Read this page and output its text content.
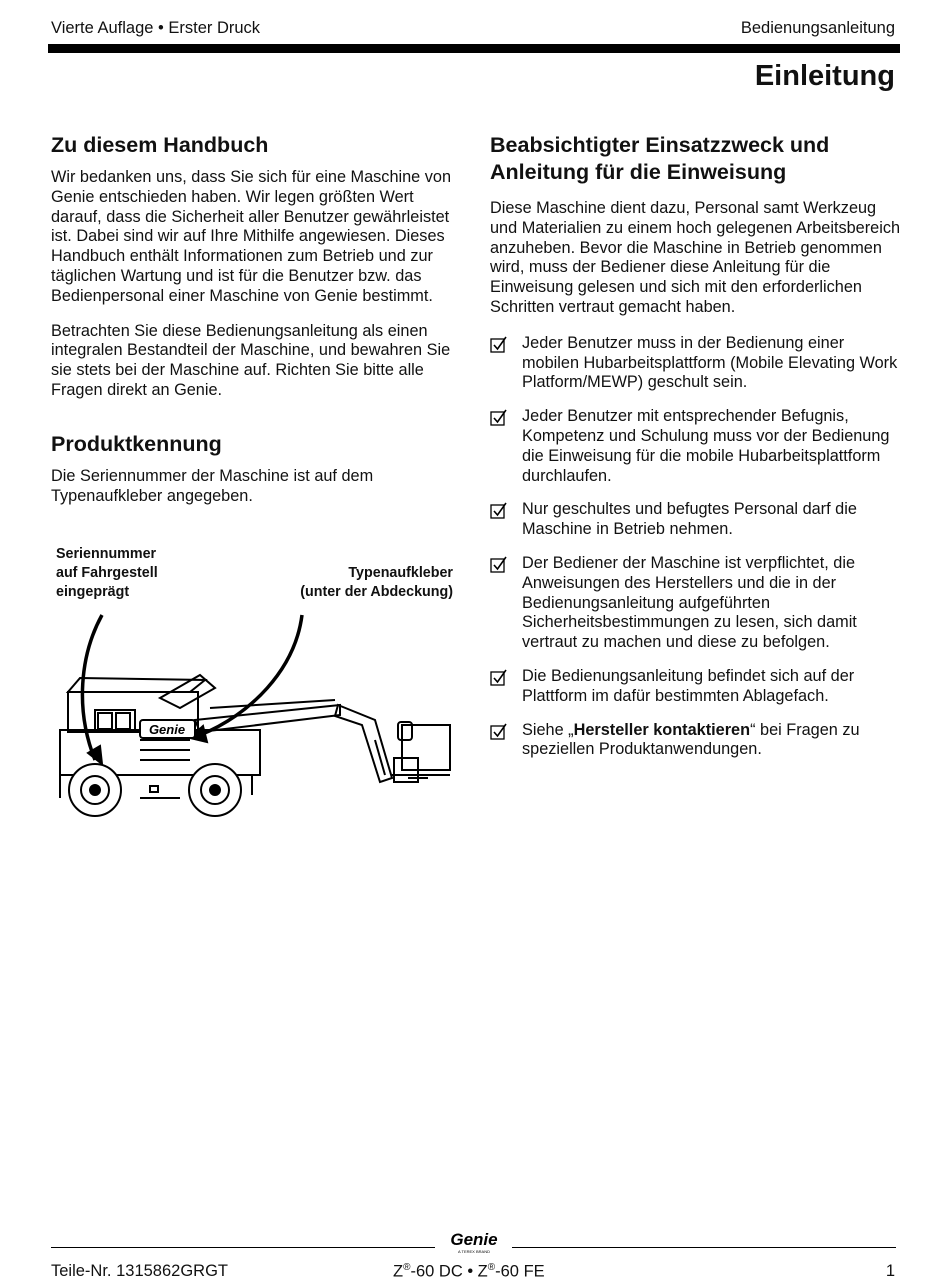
Vierte Auflage • Erster Druck	Bedienungsanleitung
Einleitung
Zu diesem Handbuch

Wir bedanken uns, dass Sie sich für eine Maschine von Genie entschieden haben. Wir legen größten Wert darauf, dass die Sicherheit aller Benutzer gewährleistet ist. Dabei sind wir auf Ihre Mithilfe angewiesen. Dieses Handbuch enthält Informationen zum Betrieb und zur täglichen Wartung und ist für die Benutzer bzw. das Bedienpersonal einer Maschine von Genie bestimmt.

Betrachten Sie diese Bedienungsanleitung als einen integralen Bestandteil der Maschine, und bewahren Sie sie stets bei der Maschine auf. Richten Sie bitte alle Fragen direkt an Genie.

Produktkennung

Die Seriennummer der Maschine ist auf dem Typenaufkleber angegeben.

Seriennummer
auf Fahrgestell
eingeprägt
Typenaufkleber
(unter der Abdeckung)
Genie
Beabsichtigter Einsatzzweck und Anleitung für die Einweisung

Diese Maschine dient dazu, Personal samt Werkzeug und Materialien zu einem hoch gelegenen Arbeitsbereich anzuheben. Bevor die Maschine in Betrieb genommen wird, muss der Bediener diese Anleitung für die Einweisung gelesen und sich mit den erforderlichen Schritten vertraut gemacht haben.

Jeder Benutzer muss in der Bedienung einer mobilen Hubarbeitsplattform (Mobile Elevating Work Platform/MEWP) geschult sein.
Jeder Benutzer mit entsprechender Befugnis, Kompetenz und Schulung muss vor der Bedienung die Einweisung für die mobile Hubarbeitsplattform durchlaufen.
Nur geschultes und befugtes Personal darf die Maschine in Betrieb nehmen.
Der Bediener der Maschine ist verpflichtet, die Anweisungen des Herstellers und die in der Bedienungsanleitung aufgeführten Sicherheitsbestimmungen zu lesen, sich damit vertraut zu machen und diese zu befolgen.
Die Bedienungsanleitung befindet sich auf der Plattform im dafür bestimmten Ablagefach.
Siehe „Hersteller kontaktieren“ bei Fragen zu speziellen Produktanwendungen.
Genie
A TEREX BRAND
Teile-Nr. 1315862GRGT	Z®-60 DC • Z®-60 FE	1
